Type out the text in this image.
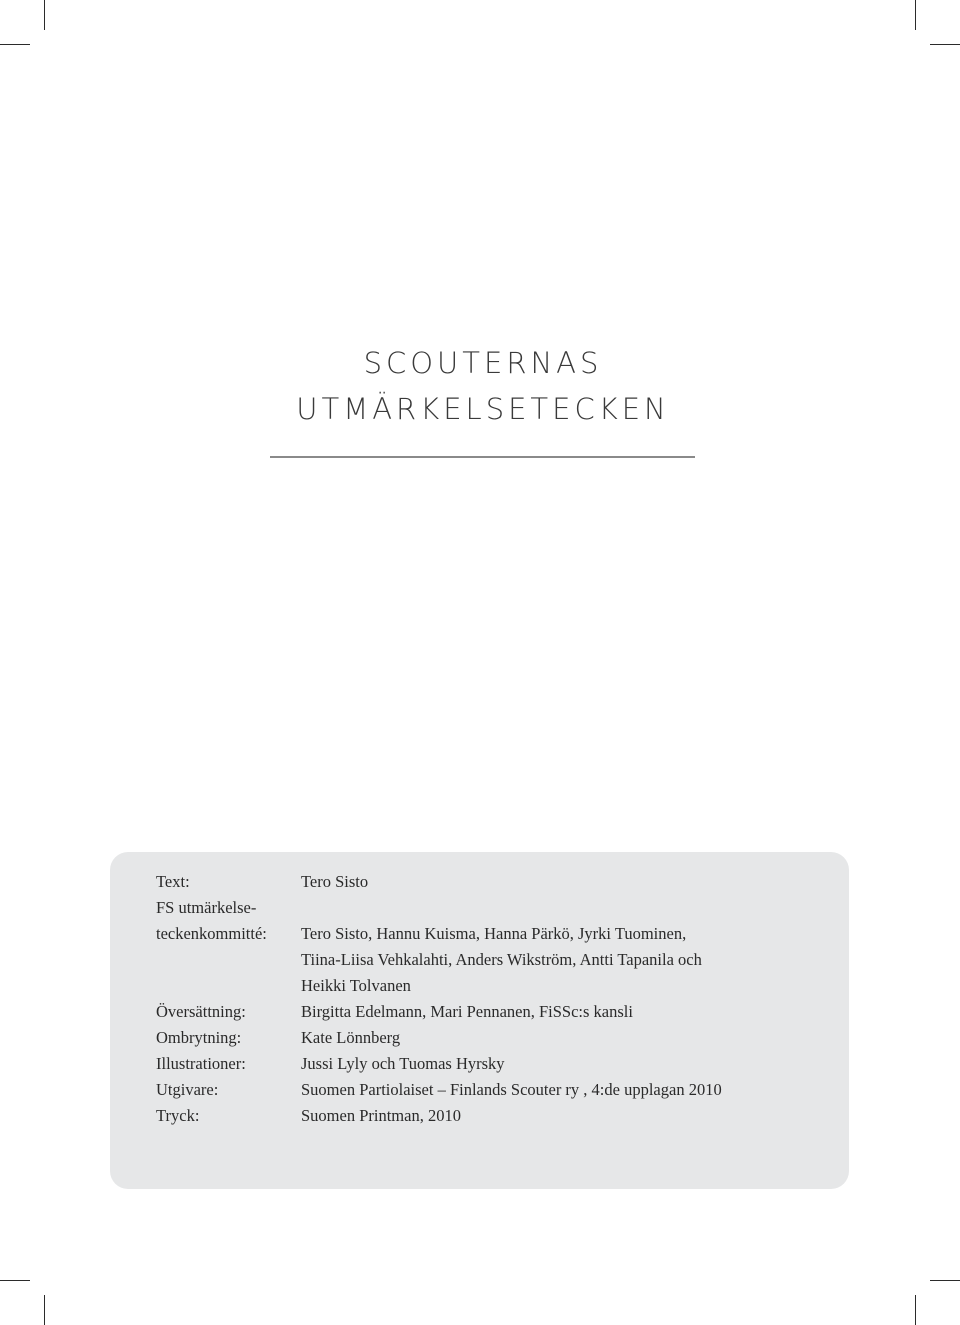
SCOUTERNAS
UTMÄRKELSETECKEN
Text:	Tero Sisto
FS utmärkelse-
teckenkommitté:	Tero Sisto, Hannu Kuisma, Hanna Pärkö, Jyrki Tuominen,
Tiina-Liisa Vehkalahti, Anders Wikström, Antti Tapanila och
Heikki Tolvanen
Översättning:	Birgitta Edelmann, Mari Pennanen, FiSSc:s kansli
Ombrytning:	Kate Lönnberg
Illustrationer:	Jussi Lyly och Tuomas Hyrsky
Utgivare:	Suomen Partiolaiset – Finlands Scouter ry , 4:de upplagan 2010
Tryck:	Suomen Printman, 2010
